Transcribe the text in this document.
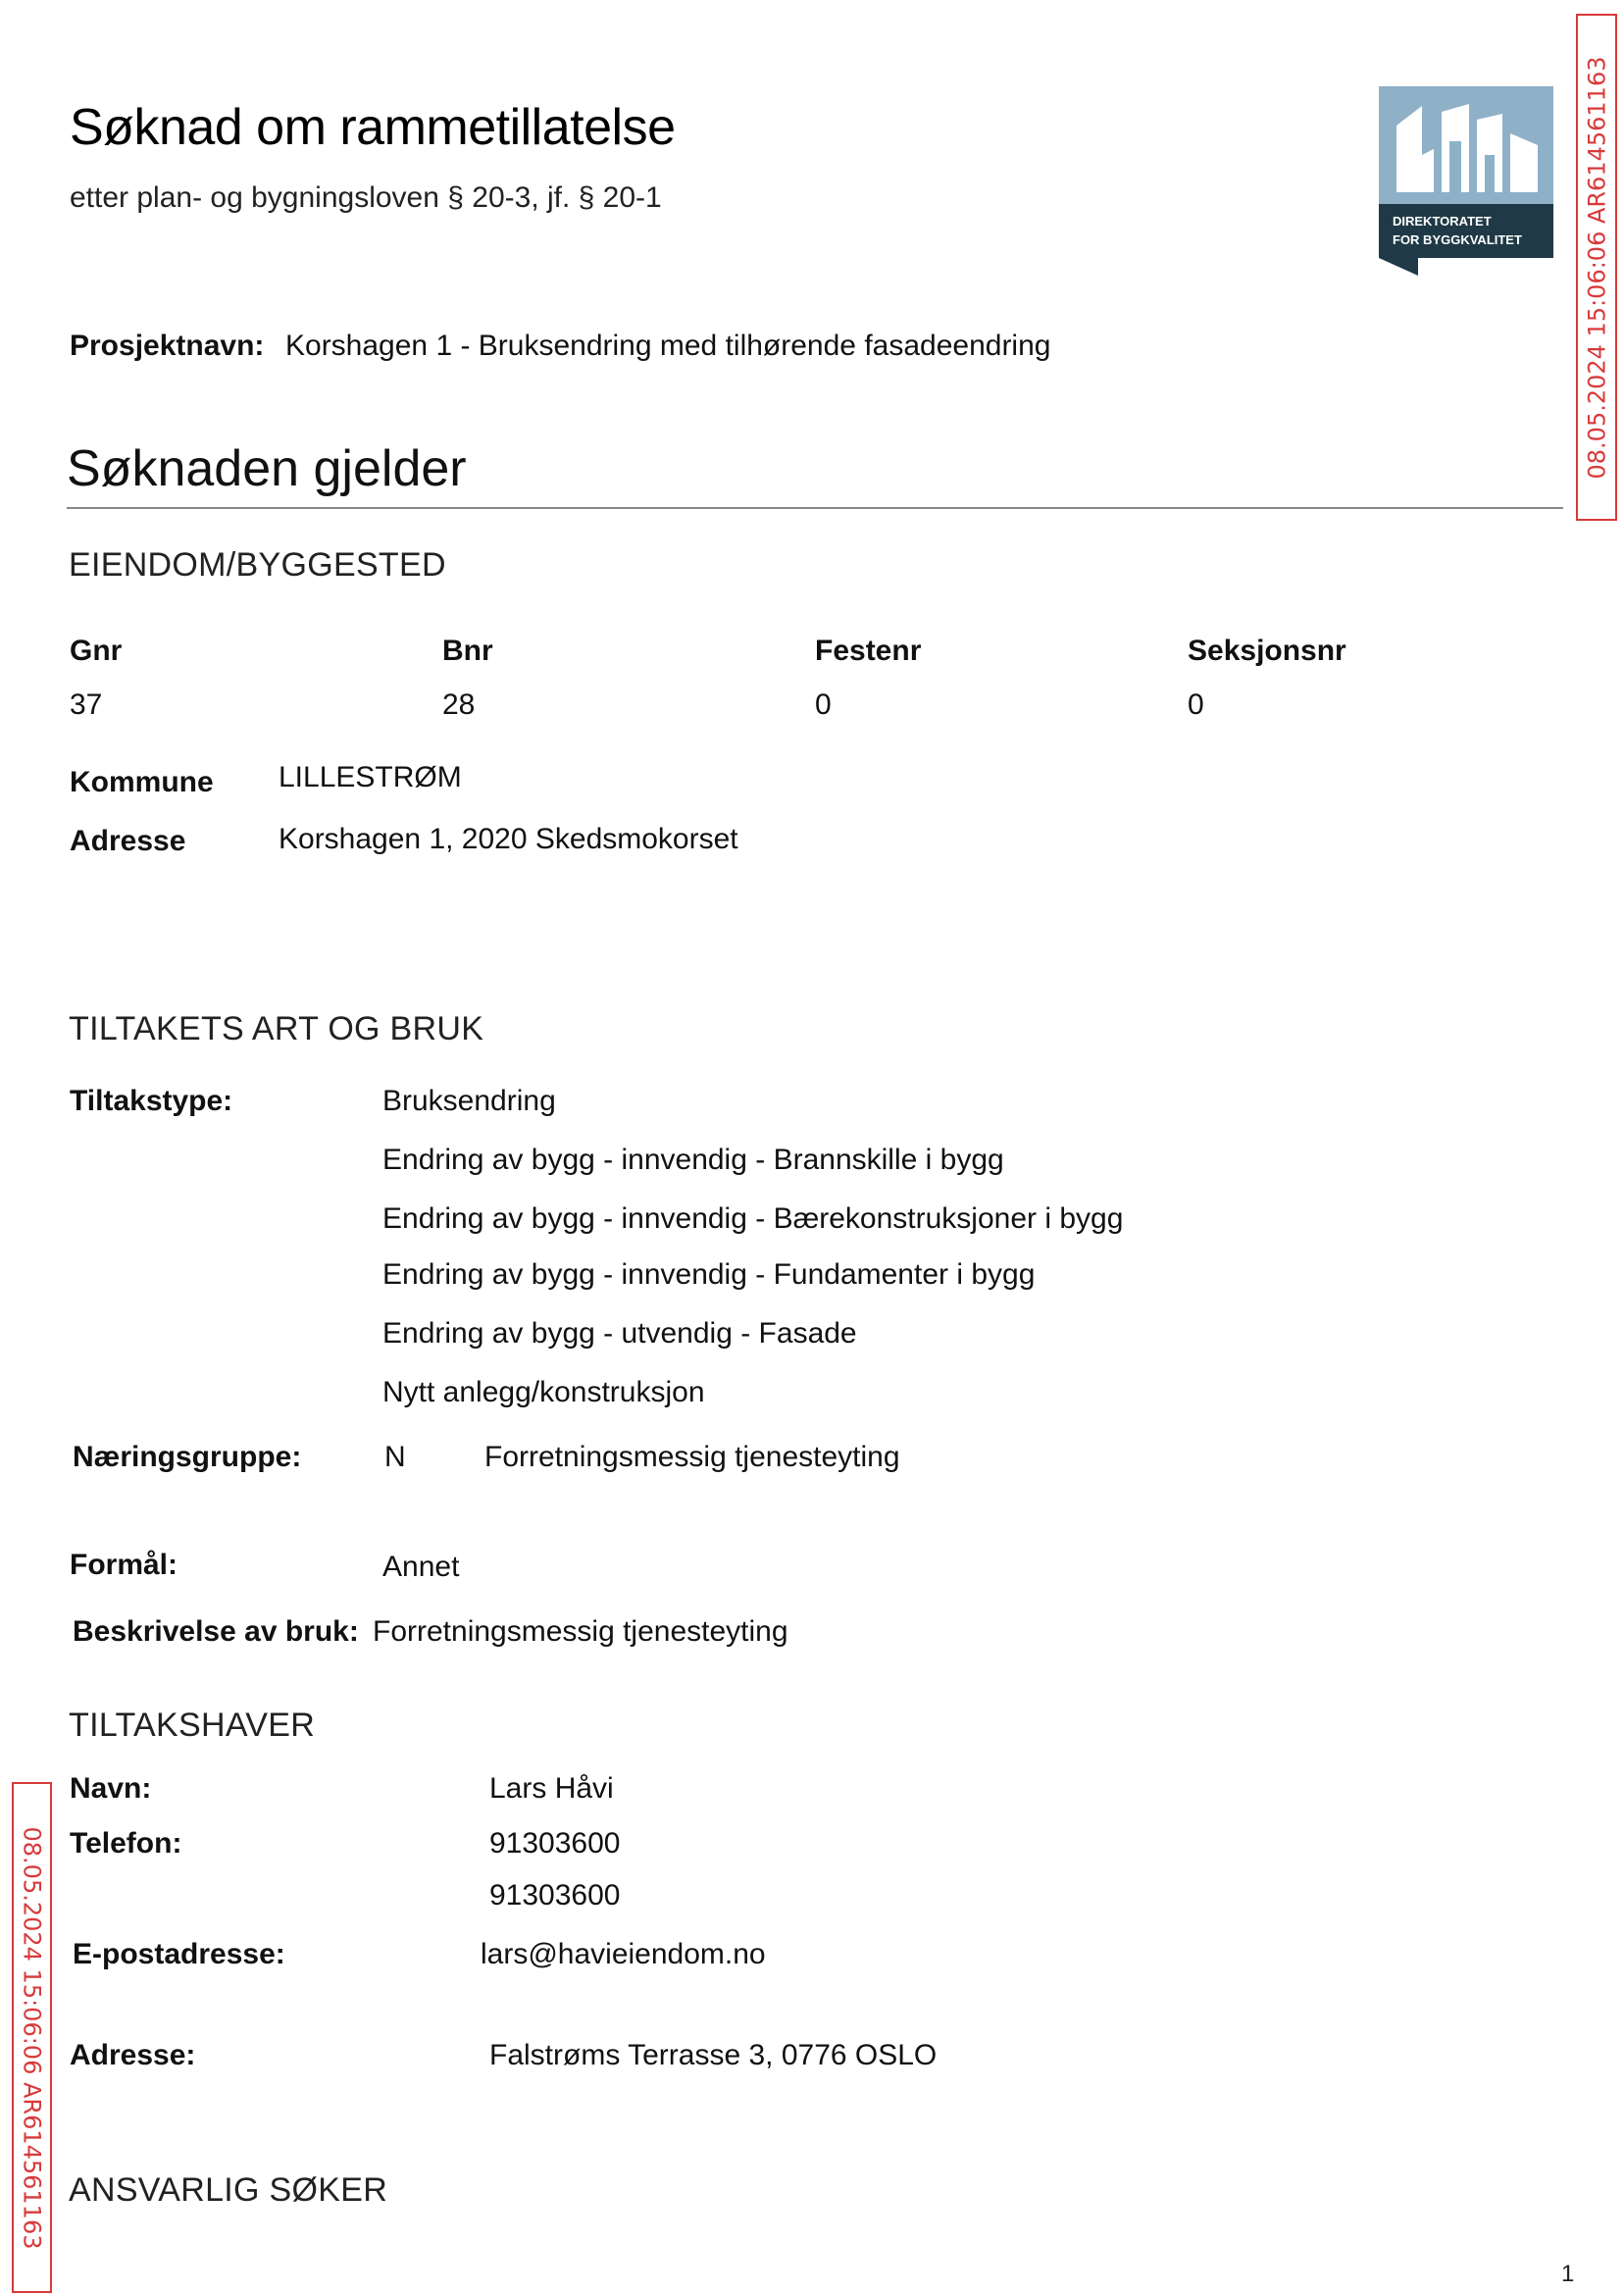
Søknad om rammetillatelse
etter plan- og bygningsloven § 20-3, jf. § 20-1
DIREKTORATET
FOR BYGGKVALITET	08.05.2024 15:06:06 AR614561163
08.05.2024 15:06:06 AR614561163
Prosjektnavn: Korshagen 1 - Bruksendring med tilhørende fasadeendring
Søknaden gjelder
EIENDOM/BYGGESTED
Gnr	Bnr	Festenr	Seksjonsnr
37	28	0	0
Kommune LILLESTRØM
Adresse	Korshagen 1, 2020 Skedsmokorset
TILTAKETS ART OG BRUK
Tiltakstype:	Bruksendring
Endring av bygg - innvendig - Brannskille i bygg
Endring av bygg - innvendig - Bærekonstruksjoner i bygg
Endring av bygg - innvendig - Fundamenter i bygg
Endring av bygg - utvendig - Fasade
Nytt anlegg/konstruksjon
Næringsgruppe:	N	Forretningsmessig tjenesteyting
Formål:	Annet
Beskrivelse av bruk: Forretningsmessig tjenesteyting
TILTAKSHAVER
Navn:	Lars Håvi
Telefon:	91303600
91303600
E-postadresse:	lars@havieiendom.no
Adresse:	Falstrøms Terrasse 3, 0776 OSLO
ANSVARLIG SØKER
1
